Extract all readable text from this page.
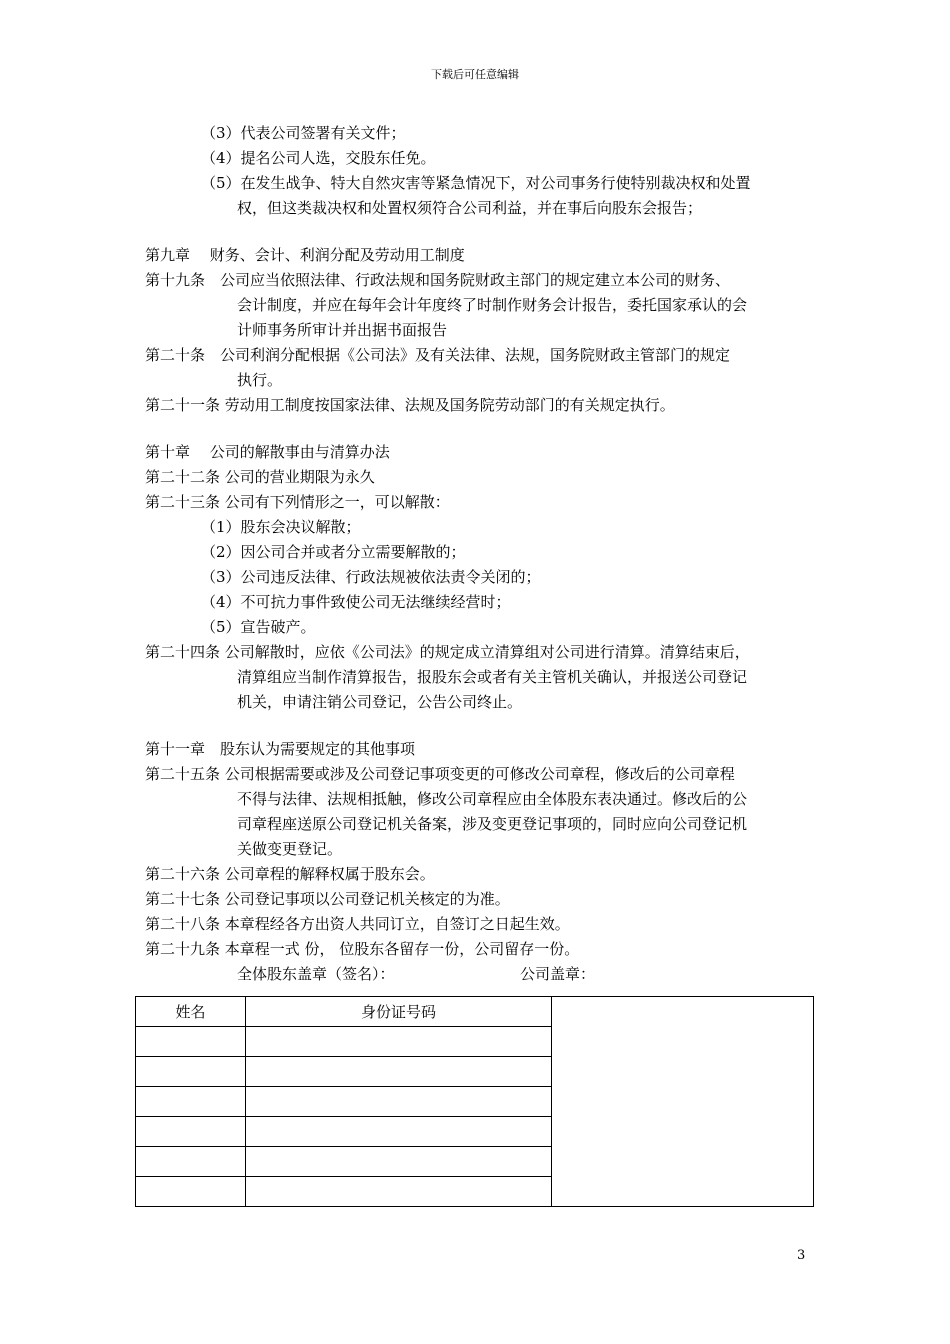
下载后可任意编辑
（3）代表公司签署有关文件；
（4）提名公司人选，交股东任免。
（5）在发生战争、特大自然灾害等紧急情况下，对公司事务行使特别裁决权和处置
权，但这类裁决权和处置权须符合公司利益，并在事后向股东会报告；
第九章　 财务、会计、利润分配及劳动用工制度
第十九条　公司应当依照法律、行政法规和国务院财政主部门的规定建立本公司的财务、
会计制度，并应在每年会计年度终了时制作财务会计报告，委托国家承认的会
计师事务所审计并出据书面报告
第二十条　公司利润分配根据《公司法》及有关法律、法规，国务院财政主管部门的规定
执行。
第二十一条 劳动用工制度按国家法律、法规及国务院劳动部门的有关规定执行。
第十章　 公司的解散事由与清算办法
第二十二条 公司的营业期限为永久
第二十三条 公司有下列情形之一，可以解散：
（1）股东会决议解散；
（2）因公司合并或者分立需要解散的；
（3）公司违反法律、行政法规被依法责令关闭的；
（4）不可抗力事件致使公司无法继续经营时；
（5）宣告破产。
第二十四条 公司解散时，应依《公司法》的规定成立清算组对公司进行清算。清算结束后，
清算组应当制作清算报告，报股东会或者有关主管机关确认，并报送公司登记
机关，申请注销公司登记，公告公司终止。
第十一章　股东认为需要规定的其他事项
第二十五条 公司根据需要或涉及公司登记事项变更的可修改公司章程，修改后的公司章程
不得与法律、法规相抵触，修改公司章程应由全体股东表决通过。修改后的公
司章程座送原公司登记机关备案，涉及变更登记事项的，同时应向公司登记机
关做变更登记。
第二十六条 公司章程的解释权属于股东会。
第二十七条 公司登记事项以公司登记机关核定的为准。
第二十八条 本章程经各方出资人共同订立，自签订之日起生效。
第二十九条 本章程一式 份， 位股东各留存一份，公司留存一份。
全体股东盖章（签名）：	公司盖章：
姓名	身份证号码	

3
